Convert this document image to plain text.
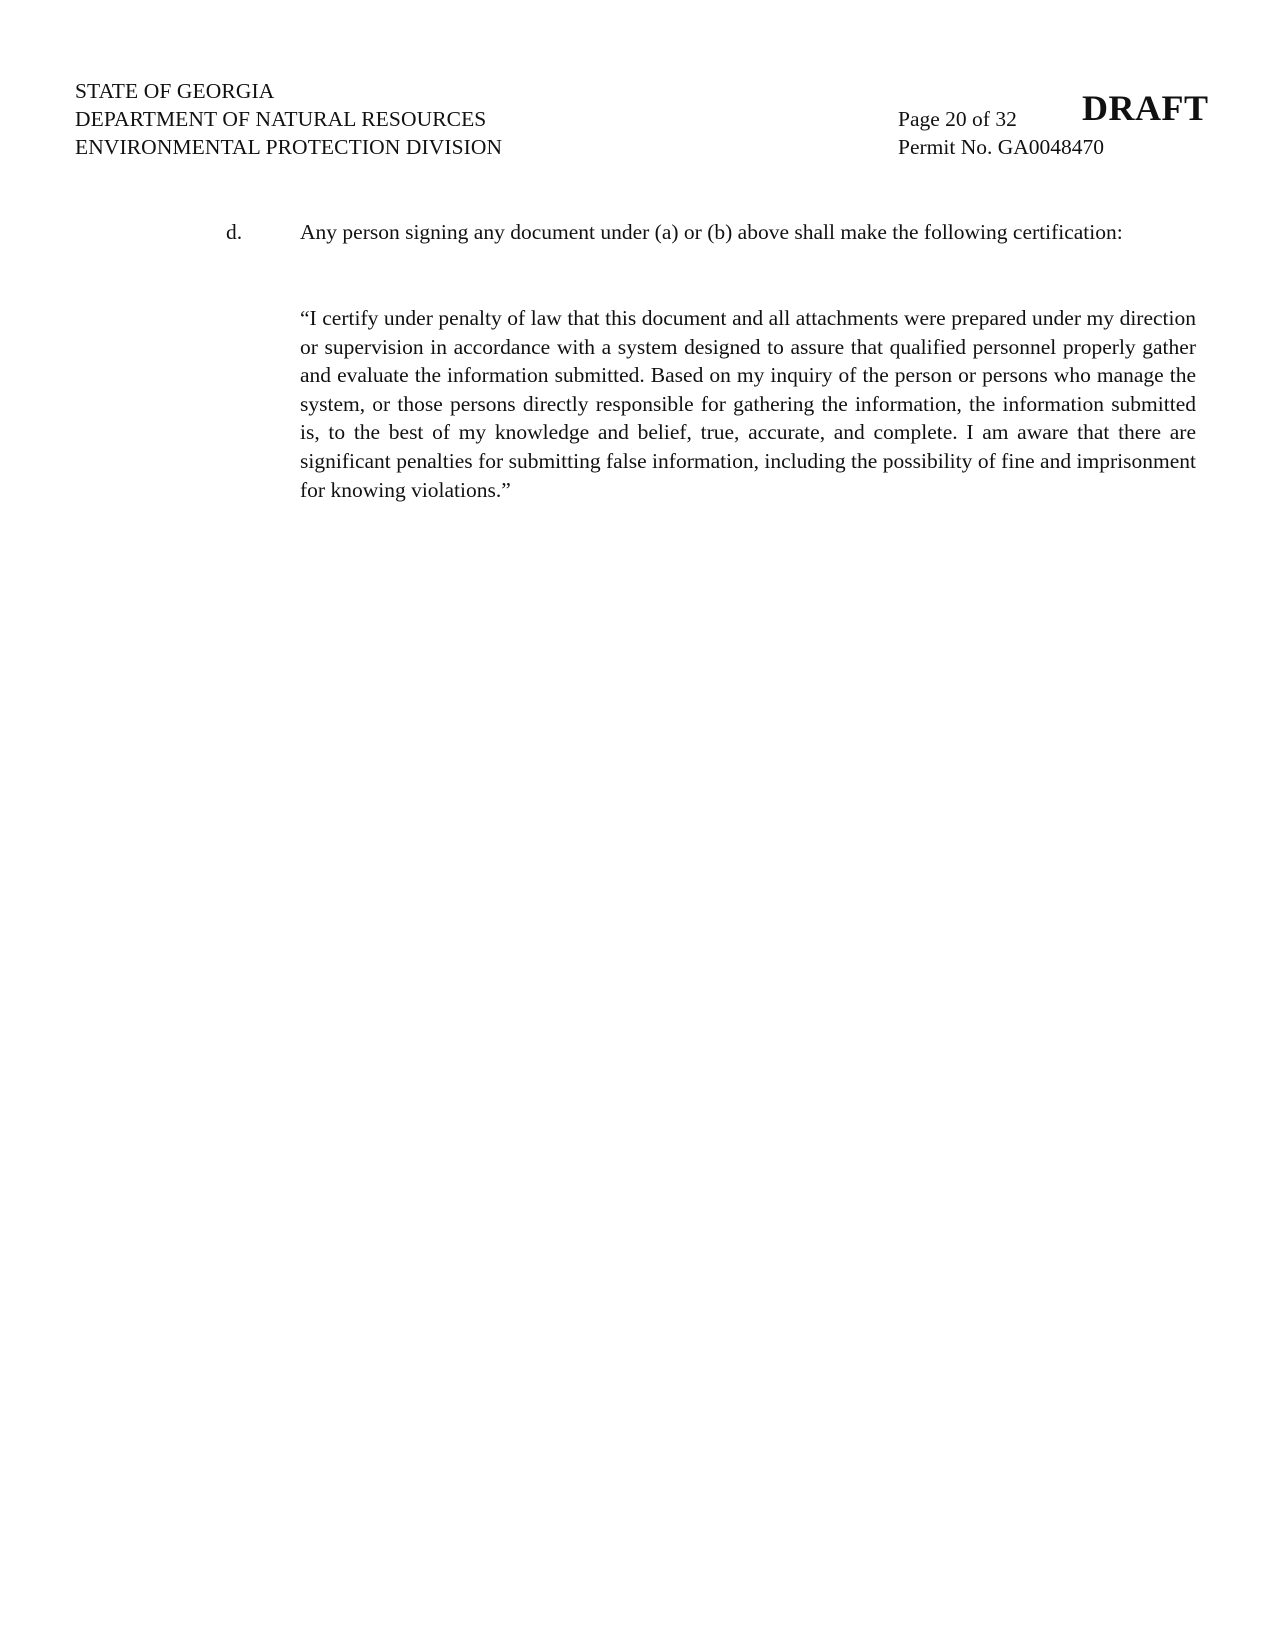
STATE OF GEORGIA
DEPARTMENT OF NATURAL RESOURCES
ENVIRONMENTAL PROTECTION DIVISION
Page 20 of 32
Permit No. GA0048470
DRAFT
d.	Any person signing any document under (a) or (b) above shall make the following certification:
“I certify under penalty of law that this document and all attachments were prepared under my direction or supervision in accordance with a system designed to assure that qualified personnel properly gather and evaluate the information submitted. Based on my inquiry of the person or persons who manage the system, or those persons directly responsible for gathering the information, the information submitted is, to the best of my knowledge and belief, true, accurate, and complete. I am aware that there are significant penalties for submitting false information, including the possibility of fine and imprisonment for knowing violations.”
